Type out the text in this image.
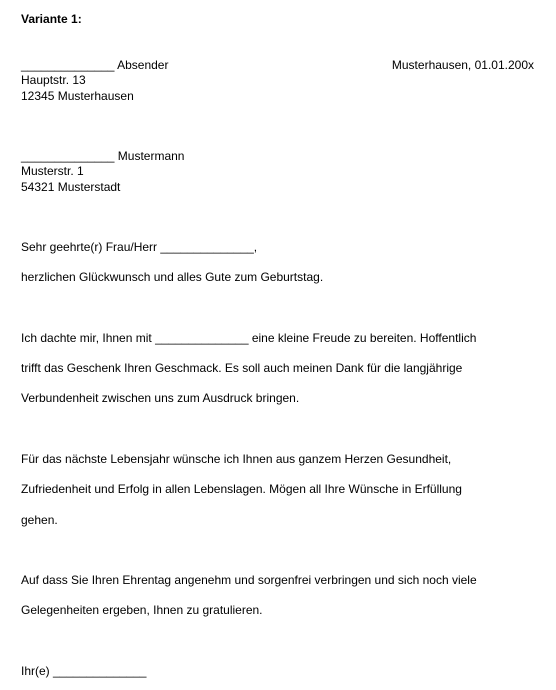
Variante 1:
______________ Absender
Hauptstr. 13
12345 Musterhausen
Musterhausen, 01.01.200x
______________ Mustermann
Musterstr. 1
54321 Musterstadt
Sehr geehrte(r) Frau/Herr ______________,
herzlichen Glückwunsch und alles Gute zum Geburtstag.
Ich dachte mir, Ihnen mit ______________ eine kleine Freude zu bereiten. Hoffentlich
trifft das Geschenk Ihren Geschmack. Es soll auch meinen Dank für die langjährige
Verbundenheit zwischen uns zum Ausdruck bringen.
Für das nächste Lebensjahr wünsche ich Ihnen aus ganzem Herzen Gesundheit,
Zufriedenheit und Erfolg in allen Lebenslagen. Mögen all Ihre Wünsche in Erfüllung
gehen.
Auf dass Sie Ihren Ehrentag angenehm und sorgenfrei verbringen und sich noch viele
Gelegenheiten ergeben, Ihnen zu gratulieren.
Ihr(e) ______________
